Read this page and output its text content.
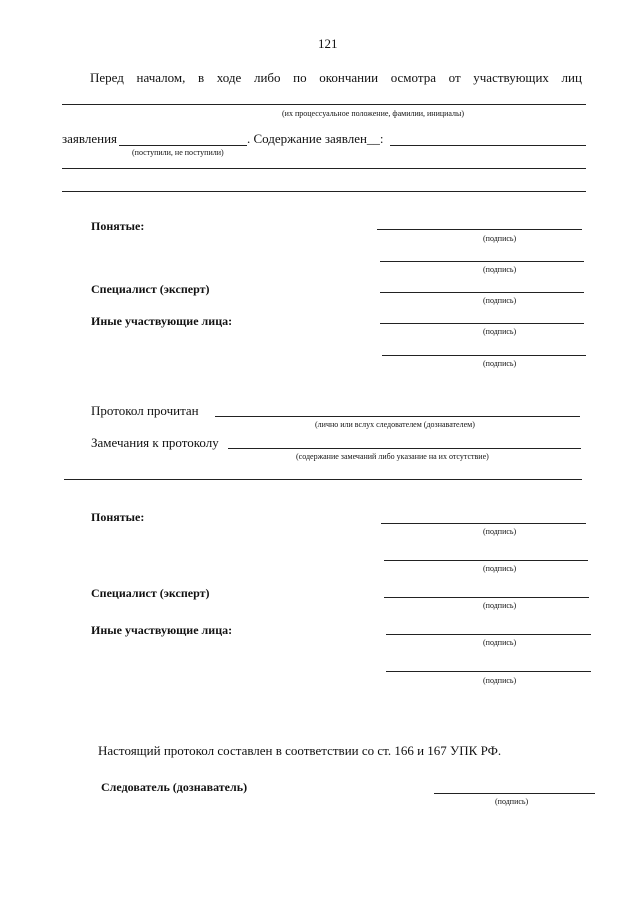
121
Перед началом, в ходе либо по окончании осмотра от участвующих лиц
(их процессуальное положение, фамилии, инициалы)
заявления	. Содержание заявлен__:
(поступили, не поступили)
Понятые:
(подпись)
(подпись)
Специалист (эксперт)
(подпись)
Иные участвующие лица:
(подпись)
(подпись)
Протокол прочитан
(лично или вслух следователем (дознавателем)
Замечания к протоколу
(содержание замечаний либо указание на их отсутствие)
Понятые:
(подпись)
(подпись)
Специалист (эксперт)
(подпись)
Иные участвующие лица:
(подпись)
(подпись)
Настоящий протокол составлен в соответствии со ст. 166 и 167 УПК РФ.
Следователь (дознаватель)
(подпись)
